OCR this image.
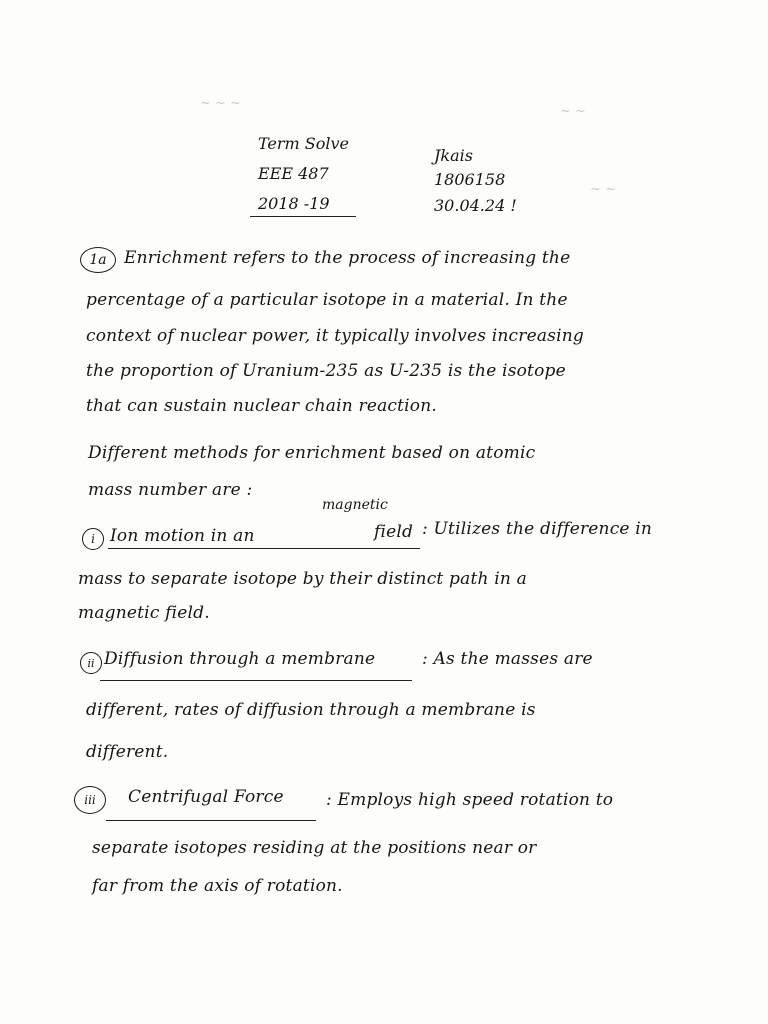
~ ~ ~
~ ~
~ ~
Term Solve
EEE 487
2018 -19
Jkais
1806158
30.04.24 !
1a Enrichment refers to the process of increasing the
percentage of a particular isotope in a material. In the
context of nuclear power, it typically involves increasing
the proportion of Uranium-235 as U-235 is the isotope
that can sustain nuclear chain reaction.
Different methods for enrichment based on atomic
mass number are :
magnetic
i Ion motion in an	field : Utilizes the difference in
mass to separate isotope by their distinct path in a
magnetic field.
ii Diffusion through a membrane	: As the masses are
different, rates of diffusion through a membrane is
different.
iii Centrifugal Force : Employs high speed rotation to
separate isotopes residing at the positions near or
far from the axis of rotation.
